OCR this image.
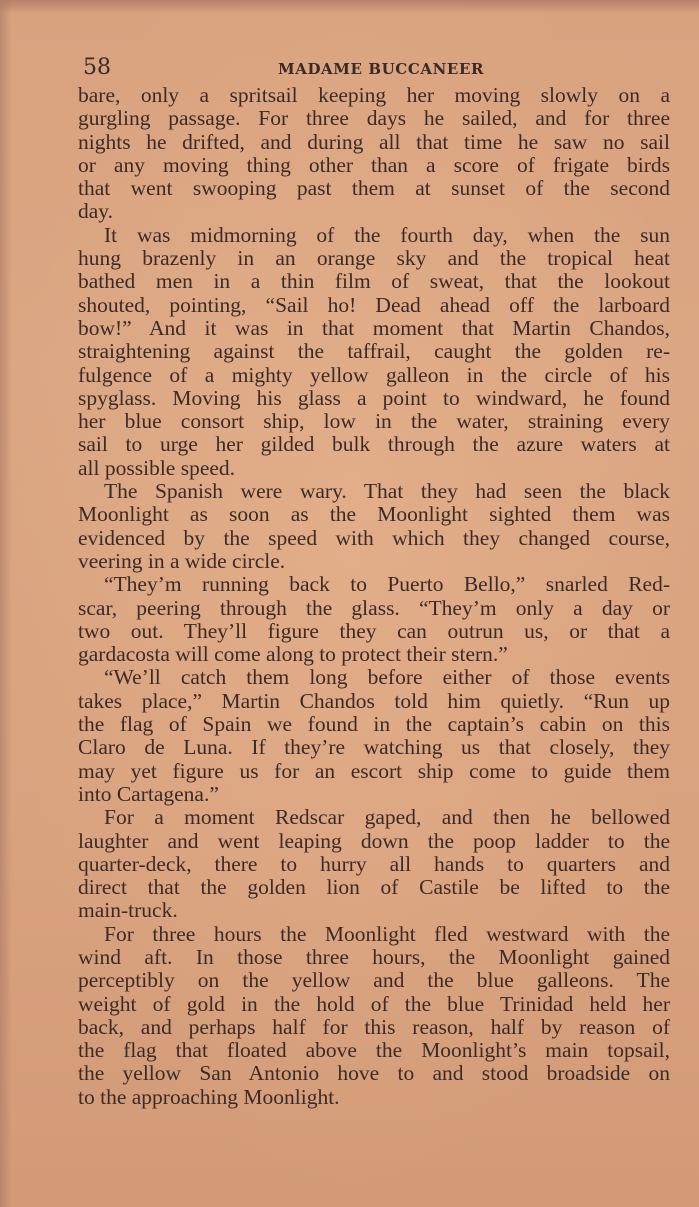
58	MADAME BUCCANEER

bare, only a spritsail keeping her moving slowly on a
gurgling passage. For three days he sailed, and for three
nights he drifted, and during all that time he saw no sail
or any moving thing other than a score of frigate birds
that went swooping past them at sunset of the second
day.

It was midmorning of the fourth day, when the sun
hung brazenly in an orange sky and the tropical heat
bathed men in a thin film of sweat, that the lookout
shouted, pointing, “Sail ho! Dead ahead off the larboard
bow!” And it was in that moment that Martin Chandos,
straightening against the taffrail, caught the golden re-
fulgence of a mighty yellow galleon in the circle of his
spyglass. Moving his glass a point to windward, he found
her blue consort ship, low in the water, straining every
sail to urge her gilded bulk through the azure waters at
all possible speed.

The Spanish were wary. That they had seen the black
Moonlight as soon as the Moonlight sighted them was
evidenced by the speed with which they changed course,
veering in a wide circle.

“They’m running back to Puerto Bello,” snarled Red-
scar, peering through the glass. “They’m only a day or
two out. They’ll figure they can outrun us, or that a
gardacosta will come along to protect their stern.”

“We’ll catch them long before either of those events
takes place,” Martin Chandos told him quietly. “Run up
the flag of Spain we found in the captain’s cabin on this
Claro de Luna. If they’re watching us that closely, they
may yet figure us for an escort ship come to guide them
into Cartagena.”

For a moment Redscar gaped, and then he bellowed
laughter and went leaping down the poop ladder to the
quarter-deck, there to hurry all hands to quarters and
direct that the golden lion of Castile be lifted to the
main-truck.

For three hours the Moonlight fled westward with the
wind aft. In those three hours, the Moonlight gained
perceptibly on the yellow and the blue galleons. The
weight of gold in the hold of the blue Trinidad held her
back, and perhaps half for this reason, half by reason of
the flag that floated above the Moonlight’s main topsail,
the yellow San Antonio hove to and stood broadside on
to the approaching Moonlight.
